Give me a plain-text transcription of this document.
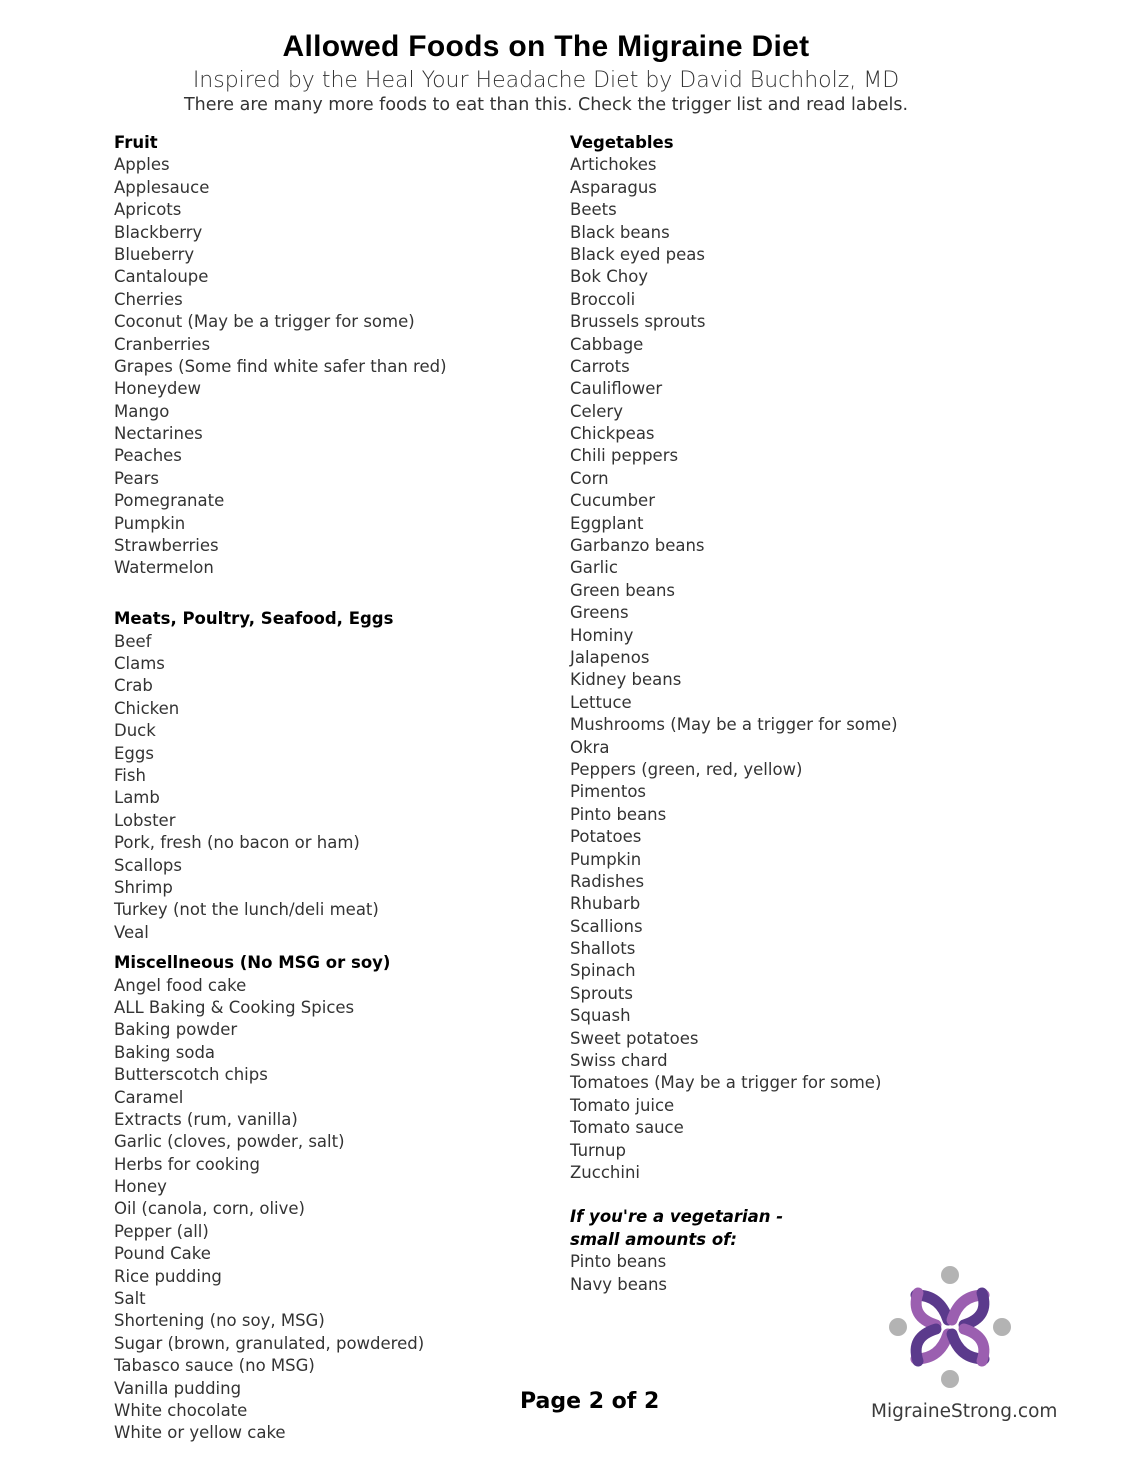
Allowed Foods on The Migraine Diet
Inspired by the Heal Your Headache Diet by David Buchholz, MD
There are many more foods to eat than this. Check the trigger list and read labels.
Fruit
Apples
Applesauce
Apricots
Blackberry
Blueberry
Cantaloupe
Cherries
Coconut (May be a trigger for some)
Cranberries
Grapes (Some find white safer than red)
Honeydew
Mango
Nectarines
Peaches
Pears
Pomegranate
Pumpkin
Strawberries
Watermelon
Meats, Poultry, Seafood, Eggs
Beef
Clams
Crab
Chicken
Duck
Eggs
Fish
Lamb
Lobster
Pork, fresh (no bacon or ham)
Scallops
Shrimp
Turkey (not the lunch/deli meat)
Veal
Miscellneous (No MSG or soy)
Angel food cake
ALL Baking & Cooking Spices
Baking powder
Baking soda
Butterscotch chips
Caramel
Extracts (rum, vanilla)
Garlic (cloves, powder, salt)
Herbs for cooking
Honey
Oil (canola, corn, olive)
Pepper (all)
Pound Cake
Rice pudding
Salt
Shortening (no soy, MSG)
Sugar (brown, granulated, powdered)
Tabasco sauce (no MSG)
Vanilla pudding
White chocolate
White or yellow cake
Vegetables
Artichokes
Asparagus
Beets
Black beans
Black eyed peas
Bok Choy
Broccoli
Brussels sprouts
Cabbage
Carrots
Cauliflower
Celery
Chickpeas
Chili peppers
Corn
Cucumber
Eggplant
Garbanzo beans
Garlic
Green beans
Greens
Hominy
Jalapenos
Kidney beans
Lettuce
Mushrooms (May be a trigger for some)
Okra
Peppers (green, red, yellow)
Pimentos
Pinto beans
Potatoes
Pumpkin
Radishes
Rhubarb
Scallions
Shallots
Spinach
Sprouts
Squash
Sweet potatoes
Swiss chard
Tomatoes (May be a trigger for some)
Tomato juice
Tomato sauce
Turnup
Zucchini
If you're a vegetarian - small amounts of:
Pinto beans
Navy beans
Page 2 of 2	MigraineStrong.com
